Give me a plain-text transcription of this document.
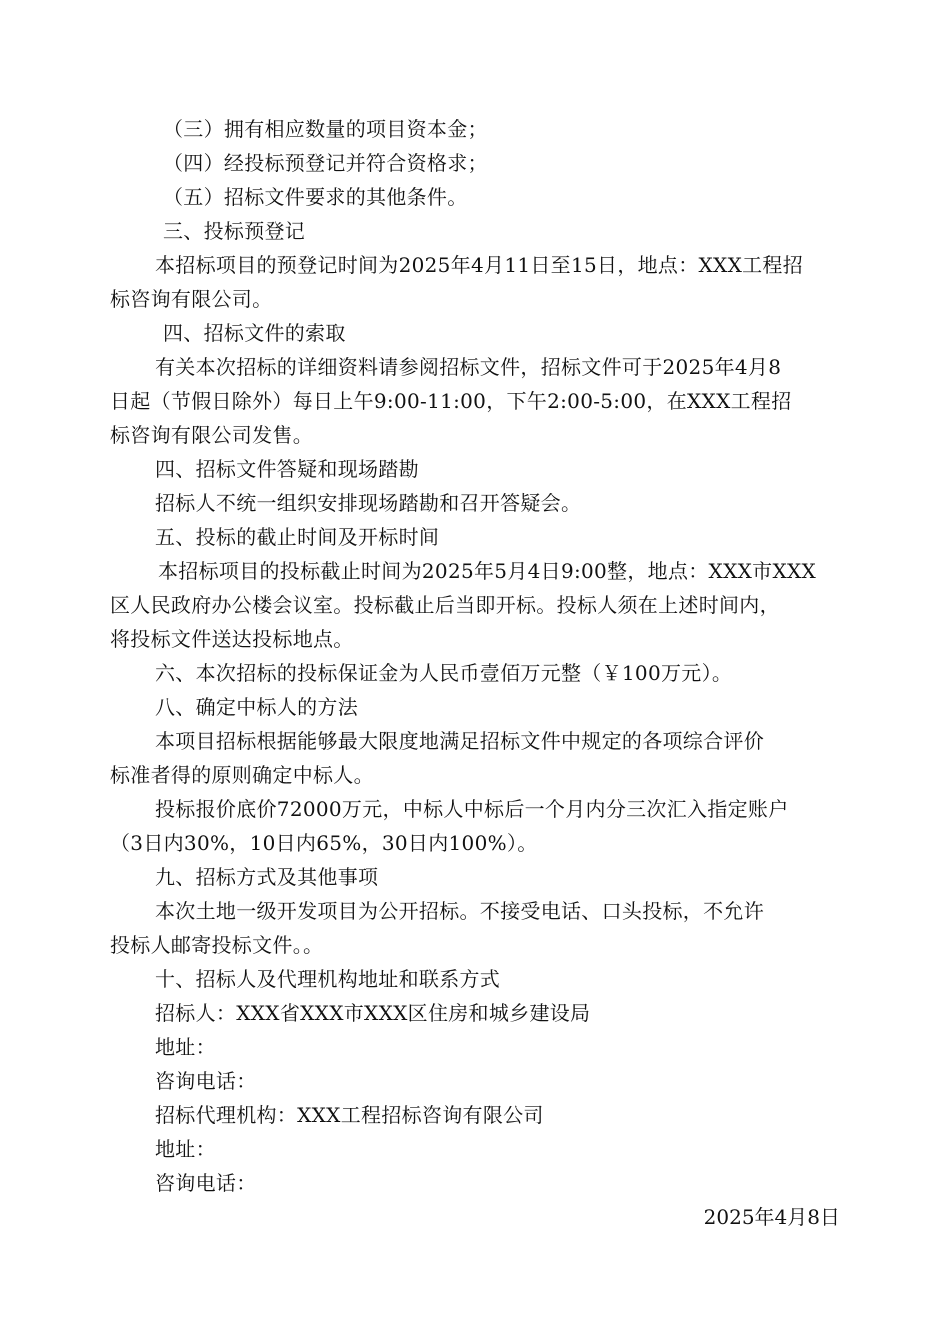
（三）拥有相应数量的项目资本金；
（四）经投标预登记并符合资格求；
（五）招标文件要求的其他条件。
三、投标预登记
本招标项目的预登记时间为2025年4月11日至15日，地点：XXX工程招
标咨询有限公司。
四、招标文件的索取
有关本次招标的详细资料请参阅招标文件，招标文件可于2025年4月8
日起（节假日除外）每日上午9:00-11:00，下午2:00-5:00，在XXX工程招
标咨询有限公司发售。
四、招标文件答疑和现场踏勘
招标人不统一组织安排现场踏勘和召开答疑会。
五、投标的截止时间及开标时间
本招标项目的投标截止时间为2025年5月4日9:00整，地点：XXX市XXX
区人民政府办公楼会议室。投标截止后当即开标。投标人须在上述时间内，
将投标文件送达投标地点。
六、本次招标的投标保证金为人民币壹佰万元整（￥100万元）。
八、确定中标人的方法
本项目招标根据能够最大限度地满足招标文件中规定的各项综合评价
标准者得的原则确定中标人。
投标报价底价72000万元，中标人中标后一个月内分三次汇入指定账户
（3日内30%，10日内65%，30日内100%）。
九、招标方式及其他事项
本次土地一级开发项目为公开招标。不接受电话、口头投标，不允许
投标人邮寄投标文件。。
十、招标人及代理机构地址和联系方式
招标人：XXX省XXX市XXX区住房和城乡建设局
地址：
咨询电话：
招标代理机构：XXX工程招标咨询有限公司
地址：
咨询电话：
2025年4月8日
